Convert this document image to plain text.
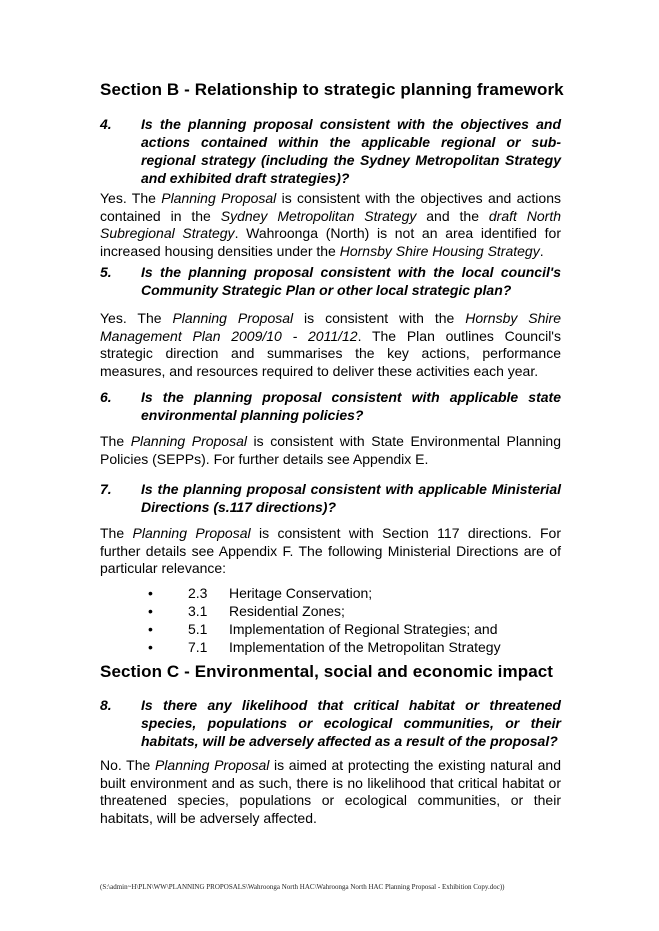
Section B - Relationship to strategic planning framework
4. Is the planning proposal consistent with the objectives and actions contained within the applicable regional or sub-regional strategy (including the Sydney Metropolitan Strategy and exhibited draft strategies)?
Yes. The Planning Proposal is consistent with the objectives and actions contained in the Sydney Metropolitan Strategy and the draft North Subregional Strategy. Wahroonga (North) is not an area identified for increased housing densities under the Hornsby Shire Housing Strategy.
5. Is the planning proposal consistent with the local council's Community Strategic Plan or other local strategic plan?
Yes. The Planning Proposal is consistent with the Hornsby Shire Management Plan 2009/10 - 2011/12. The Plan outlines Council's strategic direction and summarises the key actions, performance measures, and resources required to deliver these activities each year.
6. Is the planning proposal consistent with applicable state environmental planning policies?
The Planning Proposal is consistent with State Environmental Planning Policies (SEPPs). For further details see Appendix E.
7. Is the planning proposal consistent with applicable Ministerial Directions (s.117 directions)?
The Planning Proposal is consistent with Section 117 directions. For further details see Appendix F. The following Ministerial Directions are of particular relevance:
•	2.3 Heritage Conservation;
•	3.1 Residential Zones;
•	5.1 Implementation of Regional Strategies; and
•	7.1 Implementation of the Metropolitan Strategy
Section C - Environmental, social and economic impact
8. Is there any likelihood that critical habitat or threatened species, populations or ecological communities, or their habitats, will be adversely affected as a result of the proposal?
No. The Planning Proposal is aimed at protecting the existing natural and built environment and as such, there is no likelihood that critical habitat or threatened species, populations or ecological communities, or their habitats, will be adversely affected.
(S:\admin~H\PLN\WW\PLANNING PROPOSALS\Wahroonga North HAC\Wahroonga North HAC Planning Proposal - Exhibition Copy.doc))
